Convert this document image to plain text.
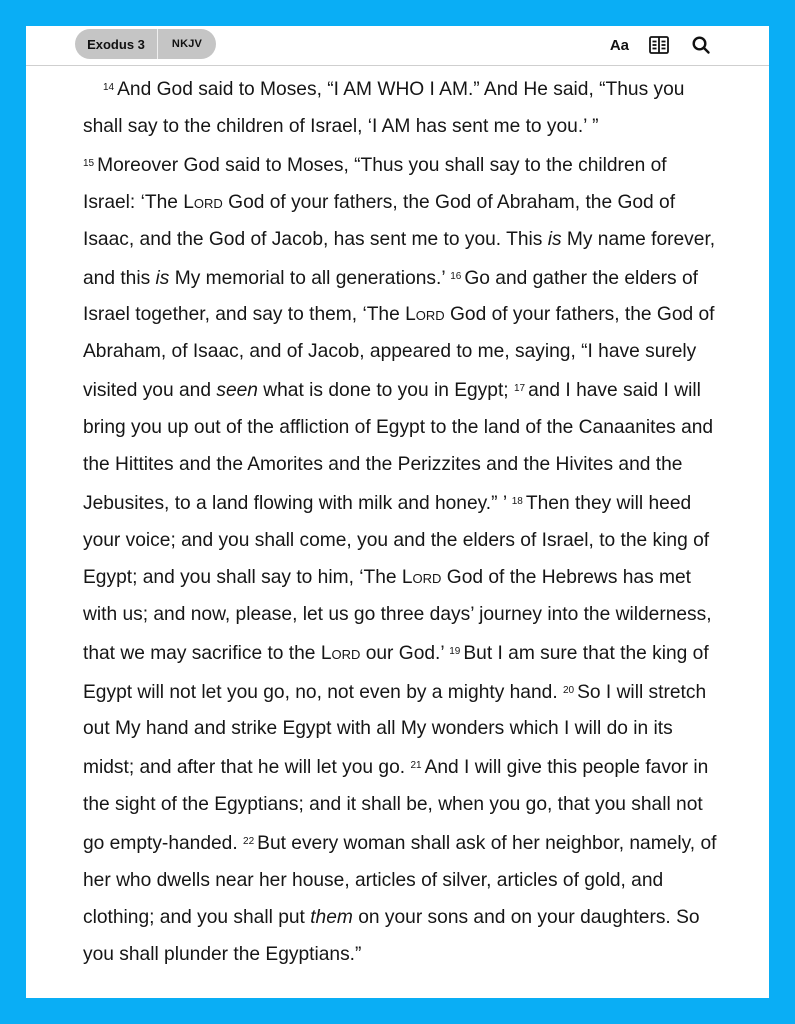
Exodus 3	NKJV	Aa

$^{14}$ And God said to Moses, “I AM WHO I AM.” And He said, “Thus you shall say to the children of Israel, ‘I AM has sent me to you.’ ”
$^{15}$ Moreover God said to Moses, “Thus you shall say to the children of Israel: ‘The Lord God of your fathers, the God of Abraham, the God of Isaac, and the God of Jacob, has sent me to you. This is My name forever, and this is My memorial to all generations.’ $^{16}$ Go and gather the elders of Israel together, and say to them, ‘The Lord God of your fathers, the God of Abraham, of Isaac, and of Jacob, appeared to me, saying, “I have surely visited you and seen what is done to you in Egypt; $^{17}$ and I have said I will bring you up out of the affliction of Egypt to the land of the Canaanites and the Hittites and the Amorites and the Perizzites and the Hivites and the Jebusites, to a land flowing with milk and honey.” ’ $^{18}$ Then they will heed your voice; and you shall come, you and the elders of Israel, to the king of Egypt; and you shall say to him, ‘The Lord God of the Hebrews has met with us; and now, please, let us go three days’ journey into the wilderness, that we may sacrifice to the Lord our God.’ $^{19}$ But I am sure that the king of Egypt will not let you go, no, not even by a mighty hand. $^{20}$ So I will stretch out My hand and strike Egypt with all My wonders which I will do in its midst; and after that he will let you go. $^{21}$ And I will give this people favor in the sight of the Egyptians; and it shall be, when you go, that you shall not go empty-handed. $^{22}$ But every woman shall ask of her neighbor, namely, of her who dwells near her house, articles of silver, articles of gold, and clothing; and you shall put them on your sons and on your daughters. So you shall plunder the Egyptians.”
